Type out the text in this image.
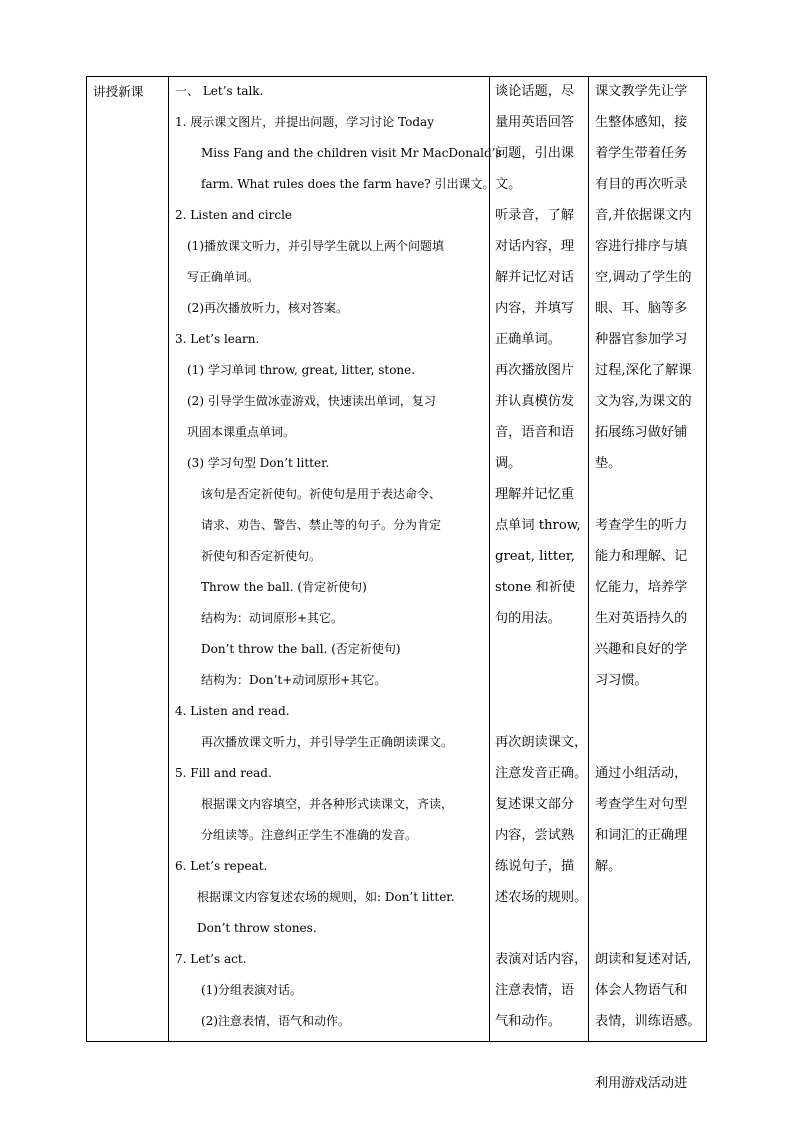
讲授新课	一、 Let’s talk.
1. 展示课文图片，并提出问题，学习讨论 Today
Miss Fang and the children visit Mr MacDonald’s
farm. What rules does the farm have? 引出课文。
2. Listen and circle
(1)播放课文听力，并引导学生就以上两个问题填
写正确单词。
(2)再次播放听力，核对答案。
3. Let’s learn.
(1) 学习单词 throw, great, litter, stone.
(2) 引导学生做冰壶游戏，快速读出单词，复习
巩固本课重点单词。
(3) 学习句型 Don’t litter.
该句是否定祈使句。祈使句是用于表达命令、
请求、劝告、警告、禁止等的句子。分为肯定
祈使句和否定祈使句。
Throw the ball. (肯定祈使句)
结构为：动词原形+其它。
Don’t throw the ball. (否定祈使句)
结构为：Don’t+动词原形+其它。
4. Listen and read.
再次播放课文听力，并引导学生正确朗读课文。
5. Fill and read.
根据课文内容填空，并各种形式读课文，齐读，
分组读等。注意纠正学生不准确的发音。
6. Let’s repeat.
根据课文内容复述农场的规则，如: Don’t litter.
Don’t throw stones.
7. Let’s act.
(1)分组表演对话。
(2)注意表情，语气和动作。
谈论话题，尽
量用英语回答
问题，引出课
文。
听录音，了解
对话内容，理
解并记忆对话
内容，并填写
正确单词。
再次播放图片
并认真模仿发
音，语音和语
调。
理解并记忆重
点单词 throw,
great, litter,
stone 和祈使
句的用法。
再次朗读课文，
注意发音正确。
复述课文部分
内容，尝试熟
练说句子，描
述农场的规则。
表演对话内容，
注意表情，语
气和动作。
课文教学先让学
生整体感知，接
着学生带着任务
有目的再次听录
音,并依据课文内
容进行排序与填
空,调动了学生的
眼、耳、脑等多
种器官参加学习
过程,深化了解课
文为容,为课文的
拓展练习做好铺
垫。
考查学生的听力
能力和理解、记
忆能力，培养学
生对英语持久的
兴趣和良好的学
习习惯。
通过小组活动，
考查学生对句型
和词汇的正确理
解。
朗读和复述对话,
体会人物语气和
表情，训练语感。
利用游戏活动进
